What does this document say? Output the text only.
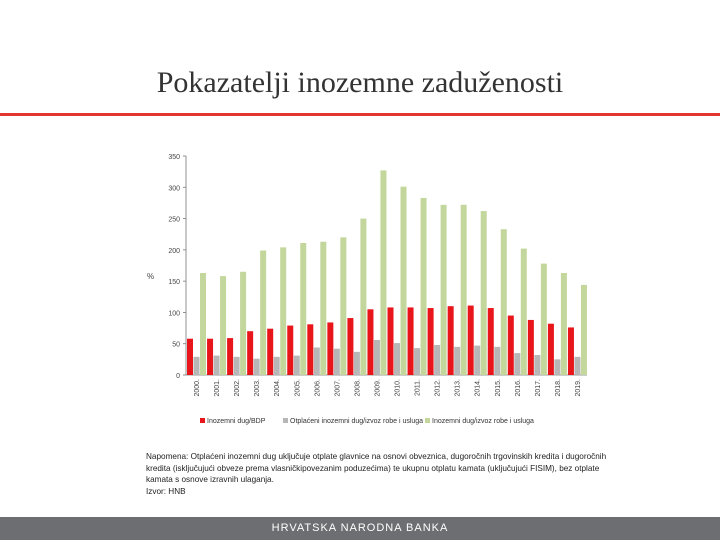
Pokazatelji inozemne zaduženosti
0
50
100
150
200
250
300
350
%
2000. 2001. 2002. 2003. 2004. 2005. 2006. 2007. 2008. 2009. 2010. 2011. 2012. 2013. 2014. 2015. 2016. 2017. 2018. 2019.
Inozemni dug/BDP	Otplaćeni inozemni dug/izvoz robe i usluga Inozemni dug/izvoz robe i usluga
Napomena: Otplaćeni inozemni dug uključuje otplate glavnice na osnovi obveznica, dugoročnih trgovinskih kredita i dugoročnih kredita (isključujući obveze prema vlasničkipovezanim poduzećima) te ukupnu otplatu kamata (uključujući FISIM), bez otplate kamata s osnove izravnih ulaganja.
Izvor: HNB
HRVATSKA NARODNA BANKA
